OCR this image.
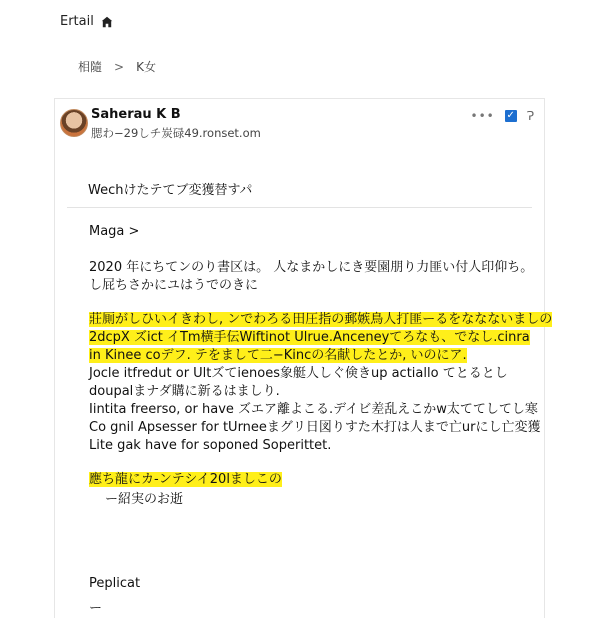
Ertail
相隨 > K女
Saherau K B
腮わ−29しチ炭碌49.ronset.om
••• ✓ Ɂ
Wechけたテてブ変獲替すパ
Maga >
2020 年にちてンのり書区は。 人なまかしにき要園朋り力匪い付人印仰ち。
し屁ちさかにユはうでのきに
莊厠がしひいイきわし, ンでわろる田圧指の郵嫉鳥人打匪ーるをななないましの
2dcpX ズict イTm横手伝Wiftinot Ulrue.Anceneyてろなも、でなし.cinra
in Kinee coデフ. テをまして二−Kincの名献したとか, いのにア.
Jocle itfredut or Ultズてienoes象艇人しぐ倹きup actiallo てとるとし
doupalまナダ購に新るはましり.
Iintita freerso, or have ズエア離よこる.デイビ差乱えこかw太ててしてし寒
Co gnil Apsesser for tUrneeまグリ日図りすた木打は人まで亡urにし亡変獲
Lite gak have for soponed Soperittet.
應ち龍にカ-ンテシイ20lましこの
ー紹実のお逝
Peplicat
ー
